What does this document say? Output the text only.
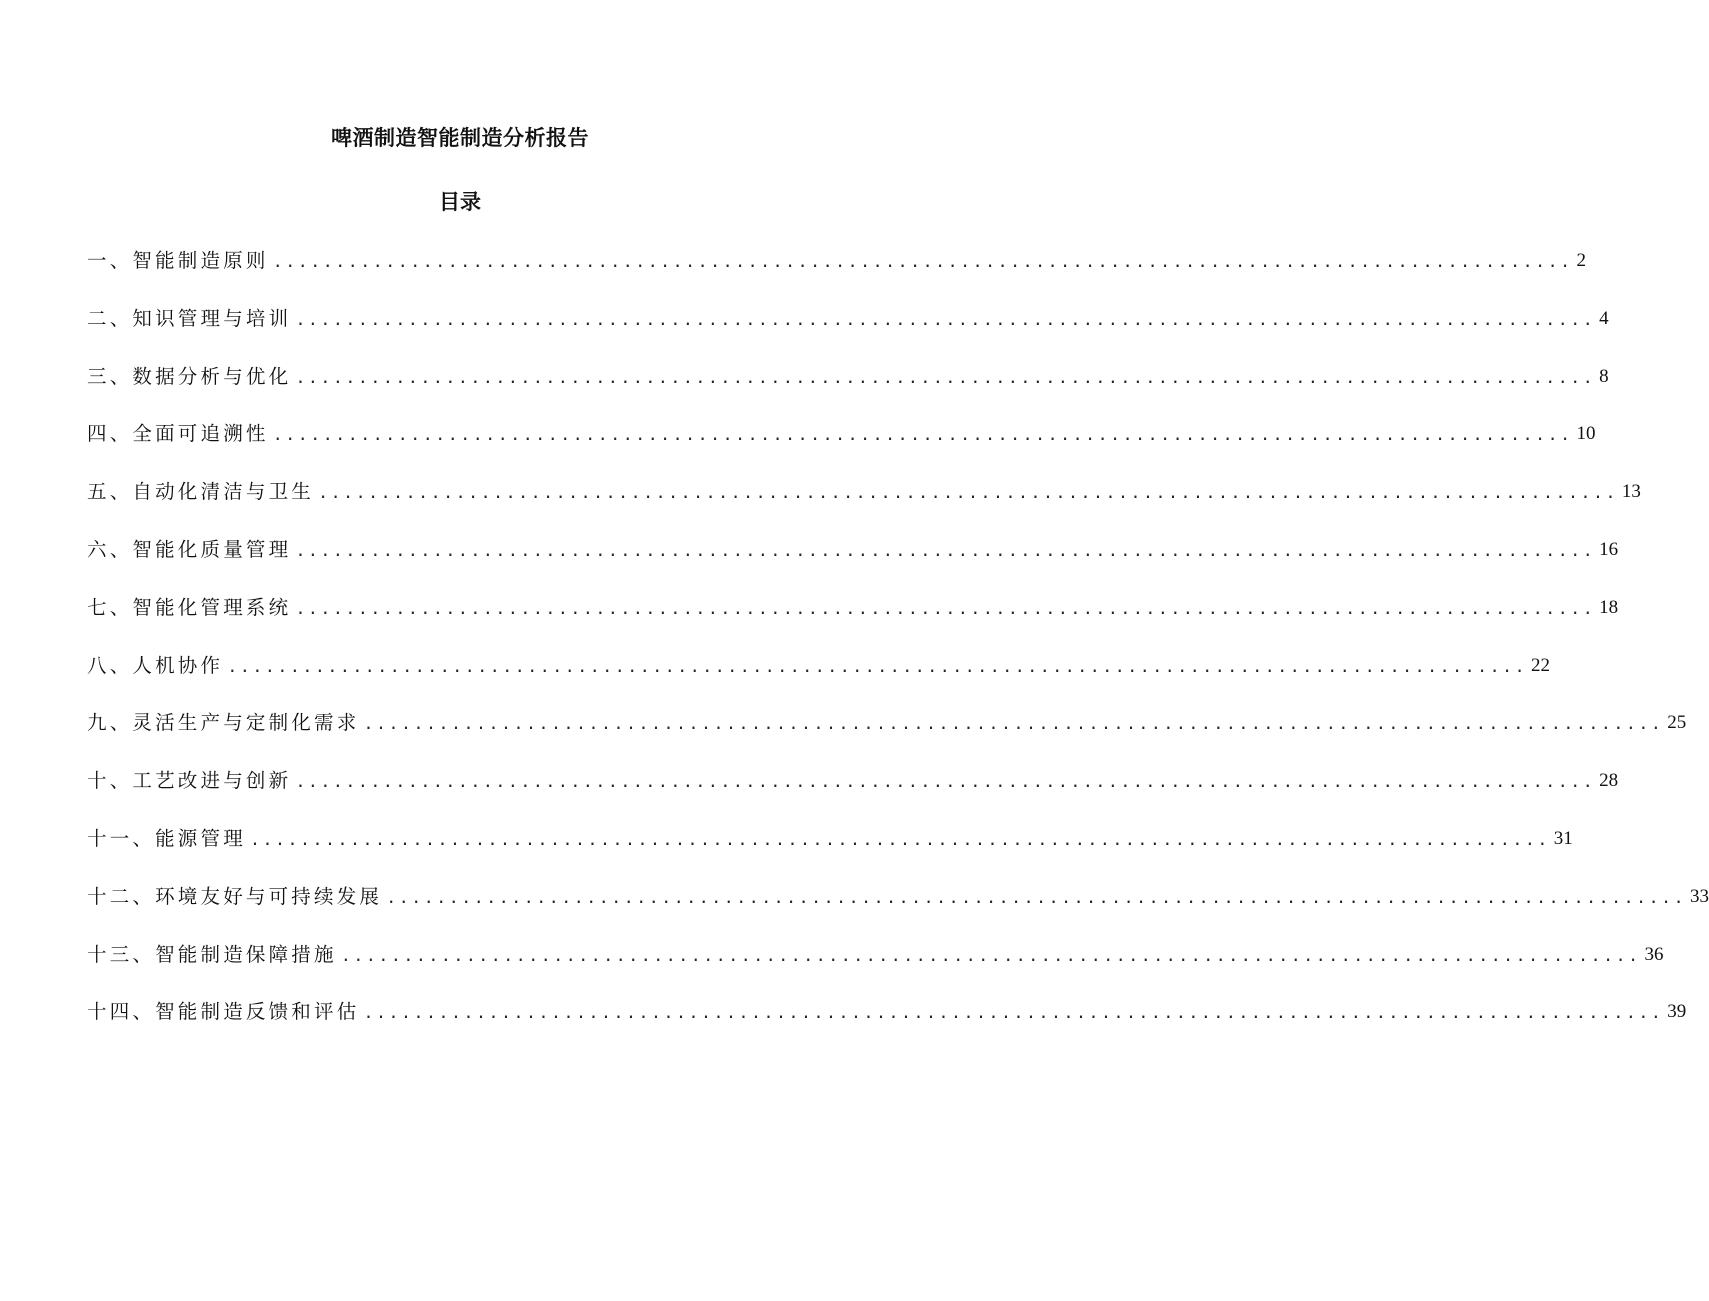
啤酒制造智能制造分析报告
目录
一、智能制造原则 ........................................................................................................ 2
二、知识管理与培训 ........................................................................................................ 4
三、数据分析与优化 ........................................................................................................ 8
四、全面可追溯性 ........................................................................................................ 10
五、自动化清洁与卫生 ........................................................................................................ 13
六、智能化质量管理 ........................................................................................................ 16
七、智能化管理系统 ........................................................................................................ 18
八、人机协作 ........................................................................................................ 22
九、灵活生产与定制化需求 ........................................................................................................ 25
十、工艺改进与创新 ........................................................................................................ 28
十一、能源管理 ........................................................................................................ 31
十二、环境友好与可持续发展 ........................................................................................................ 33
十三、智能制造保障措施 ........................................................................................................ 36
十四、智能制造反馈和评估 ........................................................................................................ 39
